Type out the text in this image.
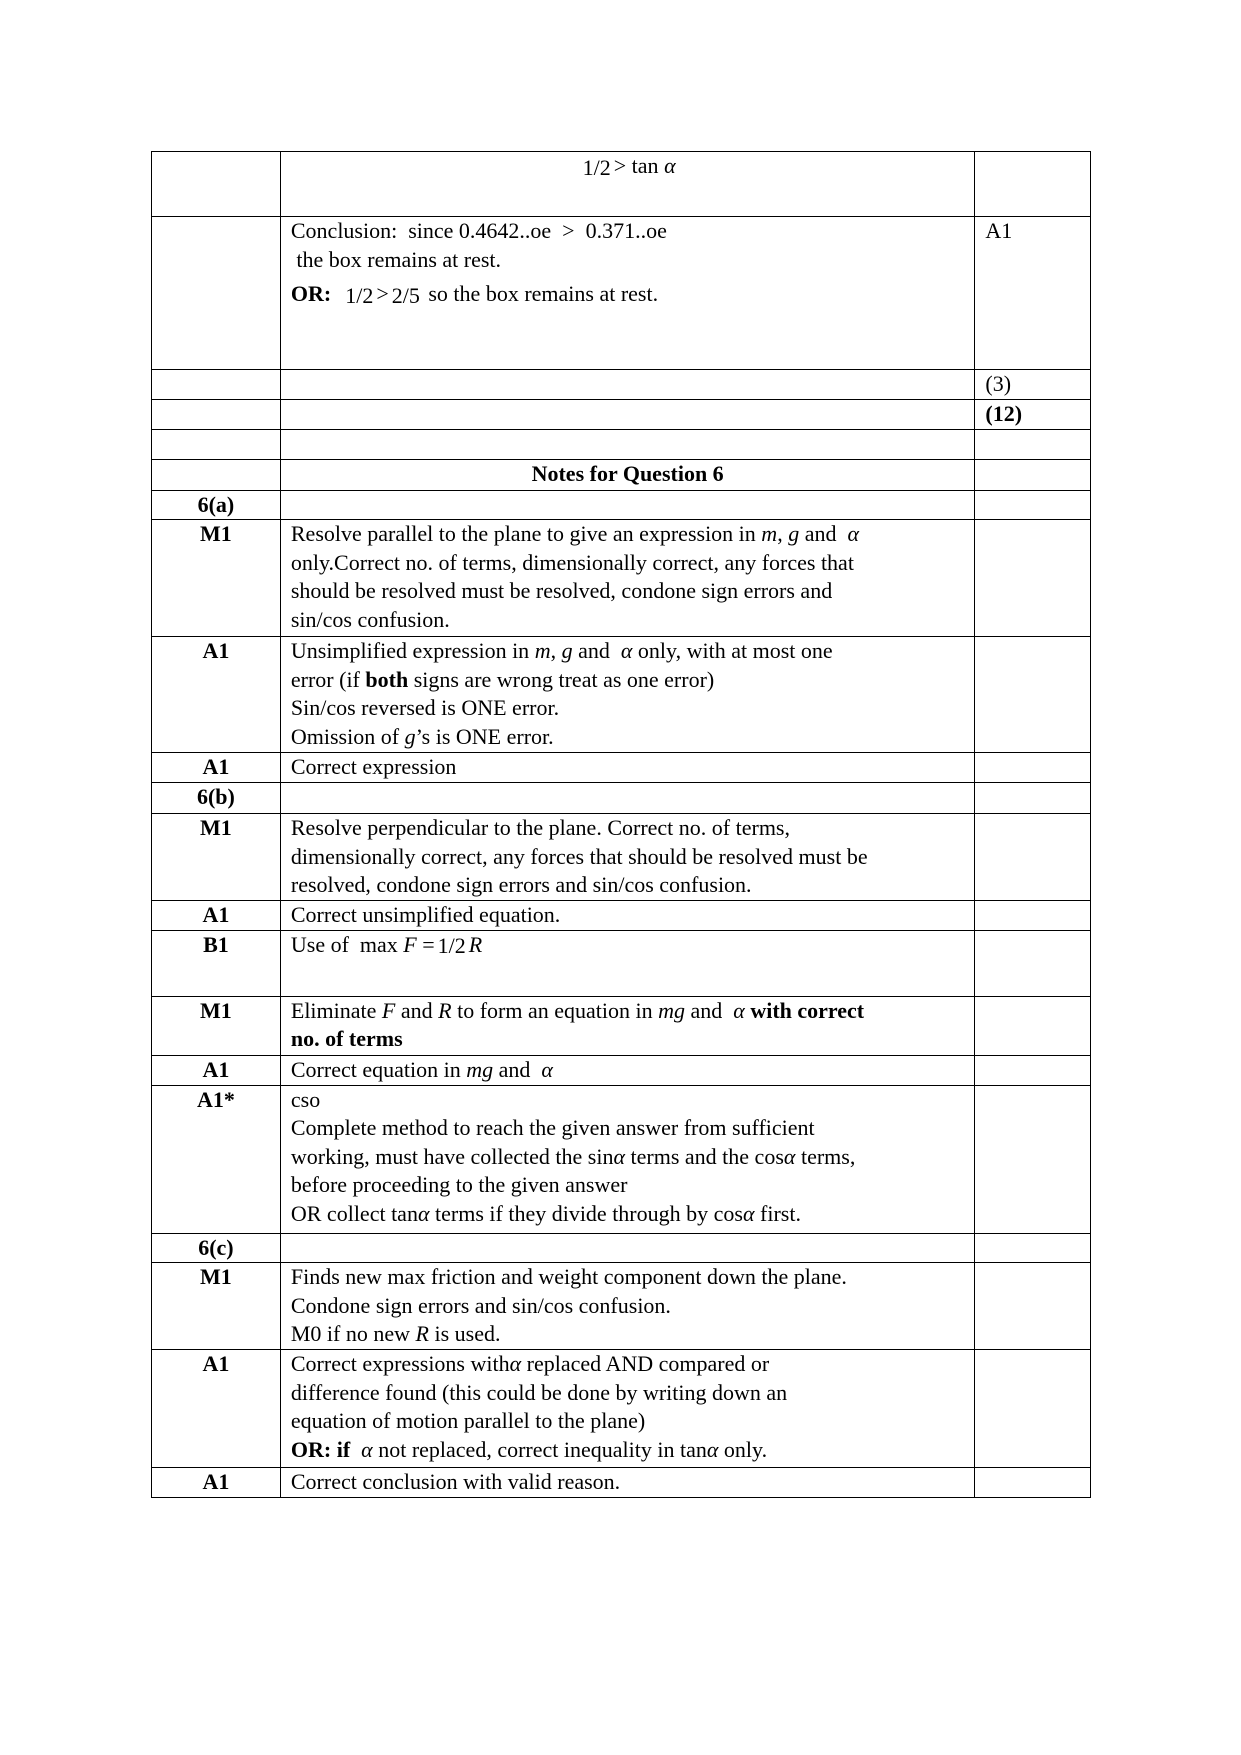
	1/2 > tan α	

	Conclusion:  since 0.4642..oe  >  0.371..oe
the box remains at rest.
OR: 1/2 > 2/5 so the box remains at rest.	A1
		(3)
		(12)

	Notes for Question 6	

6(a)		
M1	Resolve parallel to the plane to give an expression in m, g and  α
only.Correct no. of terms, dimensionally correct, any forces that
should be resolved must be resolved, condone sign errors and
sin/cos confusion.	

A1	Unsimplified expression in m, g and  α only, with at most one
error (if both signs are wrong treat as one error)
Sin/cos reversed is ONE error.
Omission of g’s is ONE error.	

A1	Correct expression	

6(b)		
M1	Resolve perpendicular to the plane. Correct no. of terms,
dimensionally correct, any forces that should be resolved must be
resolved, condone sign errors and sin/cos confusion.	

A1	Correct unsimplified equation.	

B1	Use of  max F = 1/2 R	

M1	Eliminate F and R to form an equation in mg and  α with correct
no. of terms	

A1	Correct equation in mg and  α	

A1*	cso
Complete method to reach the given answer from sufficient
working, must have collected the sinα terms and the cosα terms,
before proceeding to the given answer
OR collect tanα terms if they divide through by cosα first.	

6(c)		
M1	Finds new max friction and weight component down the plane.
Condone sign errors and sin/cos confusion.
M0 if no new R is used.	

A1	Correct expressions withα replaced AND compared or
difference found (this could be done by writing down an
equation of motion parallel to the plane)
OR: if α not replaced, correct inequality in tanα only.	

A1	Correct conclusion with valid reason.	
